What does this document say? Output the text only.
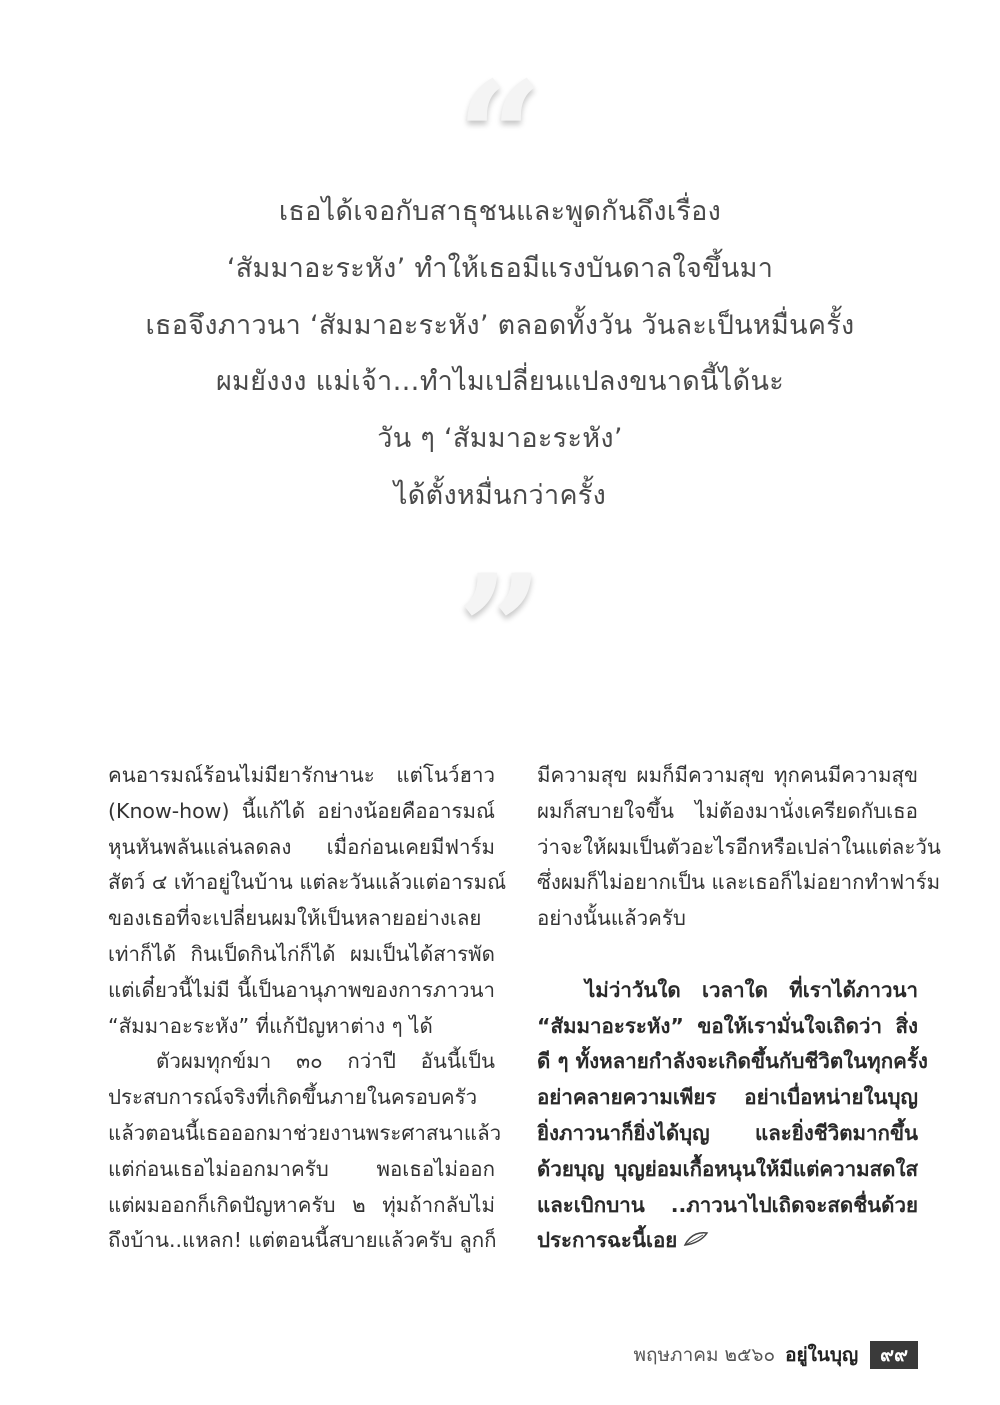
“
เธอได้เจอกับสาธุชนและพูดกันถึงเรื่อง
‘สัมมาอะระหัง’ ทำให้เธอมีแรงบันดาลใจขึ้นมา
เธอจึงภาวนา ‘สัมมาอะระหัง’ ตลอดทั้งวัน วันละเป็นหมื่นครั้ง
ผมยังงง แม่เจ้า…ทำไมเปลี่ยนแปลงขนาดนี้ได้นะ
วัน ๆ ‘สัมมาอะระหัง’
ได้ตั้งหมื่นกว่าครั้ง
”
คนอารมณ์ร้อนไม่มียารักษานะ แต่โนว์ฮาว
(Know-how) นี้แก้ได้ อย่างน้อยคืออารมณ์
หุนหันพลันแล่นลดลง เมื่อก่อนเคยมีฟาร์ม
สัตว์ ๔ เท้าอยู่ในบ้าน แต่ละวันแล้วแต่อารมณ์
ของเธอที่จะเปลี่ยนผมให้เป็นหลายอย่างเลย
เท่าก็ได้ กินเป็ดกินไก่ก็ได้ ผมเป็นได้สารพัด
แต่เดี๋ยวนี้ไม่มี นี้เป็นอานุภาพของการภาวนา
“สัมมาอะระหัง” ที่แก้ปัญหาต่าง ๆ ได้
ตัวผมทุกข์มา ๓๐ กว่าปี อันนี้เป็น
ประสบการณ์จริงที่เกิดขึ้นภายในครอบครัว
แล้วตอนนี้เธอออกมาช่วยงานพระศาสนาแล้ว
แต่ก่อนเธอไม่ออกมาครับ พอเธอไม่ออก
แต่ผมออกก็เกิดปัญหาครับ ๒ ทุ่มถ้ากลับไม่
ถึงบ้าน..แหลก! แต่ตอนนี้สบายแล้วครับ ลูกก็
มีความสุข ผมก็มีความสุข ทุกคนมีความสุข
ผมก็สบายใจขึ้น ไม่ต้องมานั่งเครียดกับเธอ
ว่าจะให้ผมเป็นตัวอะไรอีกหรือเปล่าในแต่ละวัน
ซึ่งผมก็ไม่อยากเป็น และเธอก็ไม่อยากทำฟาร์ม
อย่างนั้นแล้วครับ
ไม่ว่าวันใด เวลาใด ที่เราได้ภาวนา
“สัมมาอะระหัง” ขอให้เรามั่นใจเถิดว่า สิ่ง
ดี ๆ ทั้งหลายกำลังจะเกิดขึ้นกับชีวิตในทุกครั้ง
อย่าคลายความเพียร อย่าเบื่อหน่ายในบุญ
ยิ่งภาวนาก็ยิ่งได้บุญ และยิ่งชีวิตมากขึ้น
ด้วยบุญ บุญย่อมเกื้อหนุนให้มีแต่ความสดใส
และเบิกบาน ..ภาวนาไปเถิดจะสดชื่นด้วย
ประการฉะนี้เอย
พฤษภาคม ๒๕๖๐ อยู่ในบุญ	๙๙
